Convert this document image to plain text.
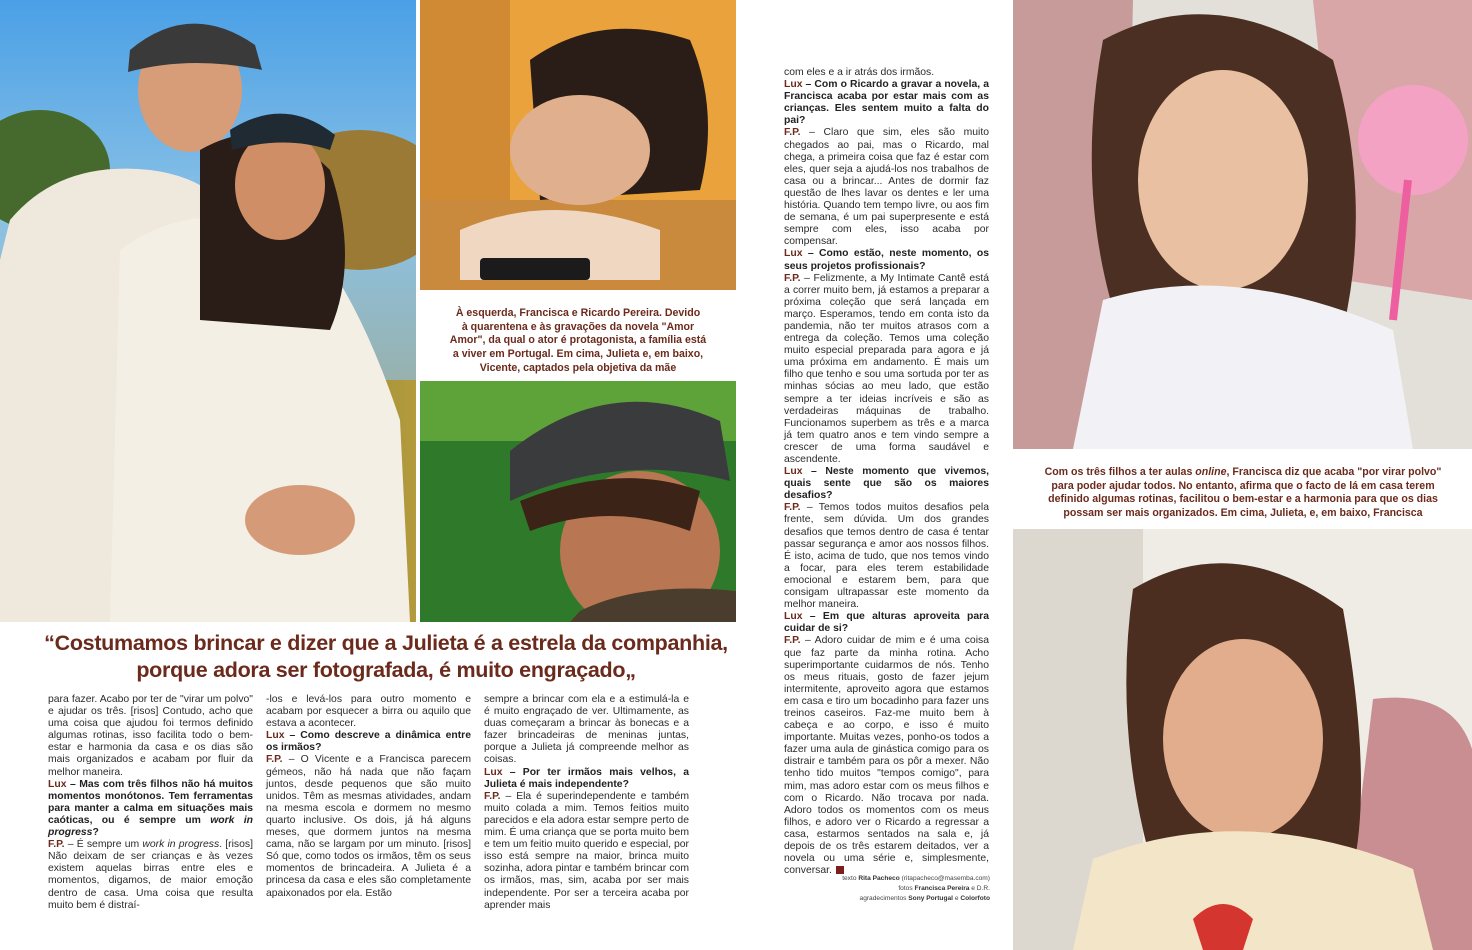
À esquerda, Francisca e Ricardo Pereira. Devido
à quarentena e às gravações da novela "Amor
Amor", da qual o ator é protagonista, a família está
a viver em Portugal. Em cima, Julieta e, em baixo,
Vicente, captados pela objetiva da mãe
Com os três filhos a ter aulas online, Francisca diz que acaba "por virar polvo"
para poder ajudar todos. No entanto, afirma que o facto de lá em casa terem
definido algumas rotinas, facilitou o bem-estar e a harmonia para que os dias
possam ser mais organizados. Em cima, Julieta, e, em baixo, Francisca
“Costumamos brincar e dizer que a Julieta é a estrela da companhia,
porque adora ser fotografada, é muito engraçado„

para fazer. Acabo por ter de "virar um polvo" e ajudar os três. [risos] Contudo, acho que uma coisa que ajudou foi termos definido algumas rotinas, isso facilita todo o bem-estar e harmonia da casa e os dias são mais organizados e acabam por fluir da melhor maneira.

Lux – Mas com três filhos não há muitos momentos monótonos. Tem ferramentas para manter a calma em situações mais caóticas, ou é sempre um work in progress?

F.P. – É sempre um work in progress. [risos] Não deixam de ser crianças e às vezes existem aquelas birras entre eles e momentos, digamos, de maior emoção dentro de casa. Uma coisa que resulta muito bem é distraí-

-los e levá-los para outro momento e acabam por esquecer a birra ou aquilo que estava a acontecer.

Lux – Como descreve a dinâmica entre os irmãos?

F.P. – O Vicente e a Francisca parecem gémeos, não há nada que não façam juntos, desde pequenos que são muito unidos. Têm as mesmas atividades, andam na mesma escola e dormem no mesmo quarto inclusive. Os dois, já há alguns meses, que dormem juntos na mesma cama, não se largam por um minuto. [risos] Só que, como todos os irmãos, têm os seus momentos de brincadeira. A Julieta é a princesa da casa e eles são completamente apaixonados por ela. Estão

sempre a brincar com ela e a estimulá-la e é muito engraçado de ver. Ultimamente, as duas começaram a brincar às bonecas e a fazer brincadeiras de meninas juntas, porque a Julieta já compreende melhor as coisas.

Lux – Por ter irmãos mais velhos, a Julieta é mais independente?

F.P. – Ela é superindependente e também muito colada a mim. Temos feitios muito parecidos e ela adora estar sempre perto de mim. É uma criança que se porta muito bem e tem um feitio muito querido e especial, por isso está sempre na maior, brinca muito sozinha, adora pintar e também brincar com os irmãos, mas, sim, acaba por ser mais independente. Por ser a terceira acaba por aprender mais

com eles e a ir atrás dos irmãos.

Lux – Com o Ricardo a gravar a novela, a Francisca acaba por estar mais com as crianças. Eles sentem muito a falta do pai?

F.P. – Claro que sim, eles são muito chegados ao pai, mas o Ricardo, mal chega, a primeira coisa que faz é estar com eles, quer seja a ajudá-los nos trabalhos de casa ou a brincar... Antes de dormir faz questão de lhes lavar os dentes e ler uma história. Quando tem tempo livre, ou aos fim de semana, é um pai superpresente e está sempre com eles, isso acaba por compensar.

Lux – Como estão, neste momento, os seus projetos profissionais?

F.P. – Felizmente, a My Intimate Cantê está a correr muito bem, já estamos a preparar a próxima coleção que será lançada em março. Esperamos, tendo em conta isto da pandemia, não ter muitos atrasos com a entrega da coleção. Temos uma coleção muito especial preparada para agora e já uma próxima em andamento. É mais um filho que tenho e sou uma sortuda por ter as minhas sócias ao meu lado, que estão sempre a ter ideias incríveis e são as verdadeiras máquinas de trabalho. Funcionamos superbem as três e a marca já tem quatro anos e tem vindo sempre a crescer de uma forma saudável e ascendente.

Lux – Neste momento que vivemos, quais sente que são os maiores desafios?

F.P. – Temos todos muitos desafios pela frente, sem dúvida. Um dos grandes desafios que temos dentro de casa é tentar passar segurança e amor aos nossos filhos. É isto, acima de tudo, que nos temos vindo a focar, para eles terem estabilidade emocional e estarem bem, para que consigam ultrapassar este momento da melhor maneira.

Lux – Em que alturas aproveita para cuidar de si?

F.P. – Adoro cuidar de mim e é uma coisa que faz parte da minha rotina. Acho superimportante cuidarmos de nós. Tenho os meus rituais, gosto de fazer jejum intermitente, aproveito agora que estamos em casa e tiro um bocadinho para fazer uns treinos caseiros. Faz-me muito bem à cabeça e ao corpo, e isso é muito importante. Muitas vezes, ponho-os todos a fazer uma aula de ginástica comigo para os distrair e também para os pôr a mexer. Não tenho tido muitos "tempos comigo", para mim, mas adoro estar com os meus filhos e com o Ricardo. Não trocava por nada. Adoro todos os momentos com os meus filhos, e adoro ver o Ricardo a regressar a casa, estarmos sentados na sala e, já depois de os três estarem deitados, ver a novela ou uma série e, simplesmente, conversar.

texto Rita Pacheco (ritapacheco@masemba.com)
fotos Francisca Pereira e D.R.
agradecimentos Sony Portugal e Colorfoto
